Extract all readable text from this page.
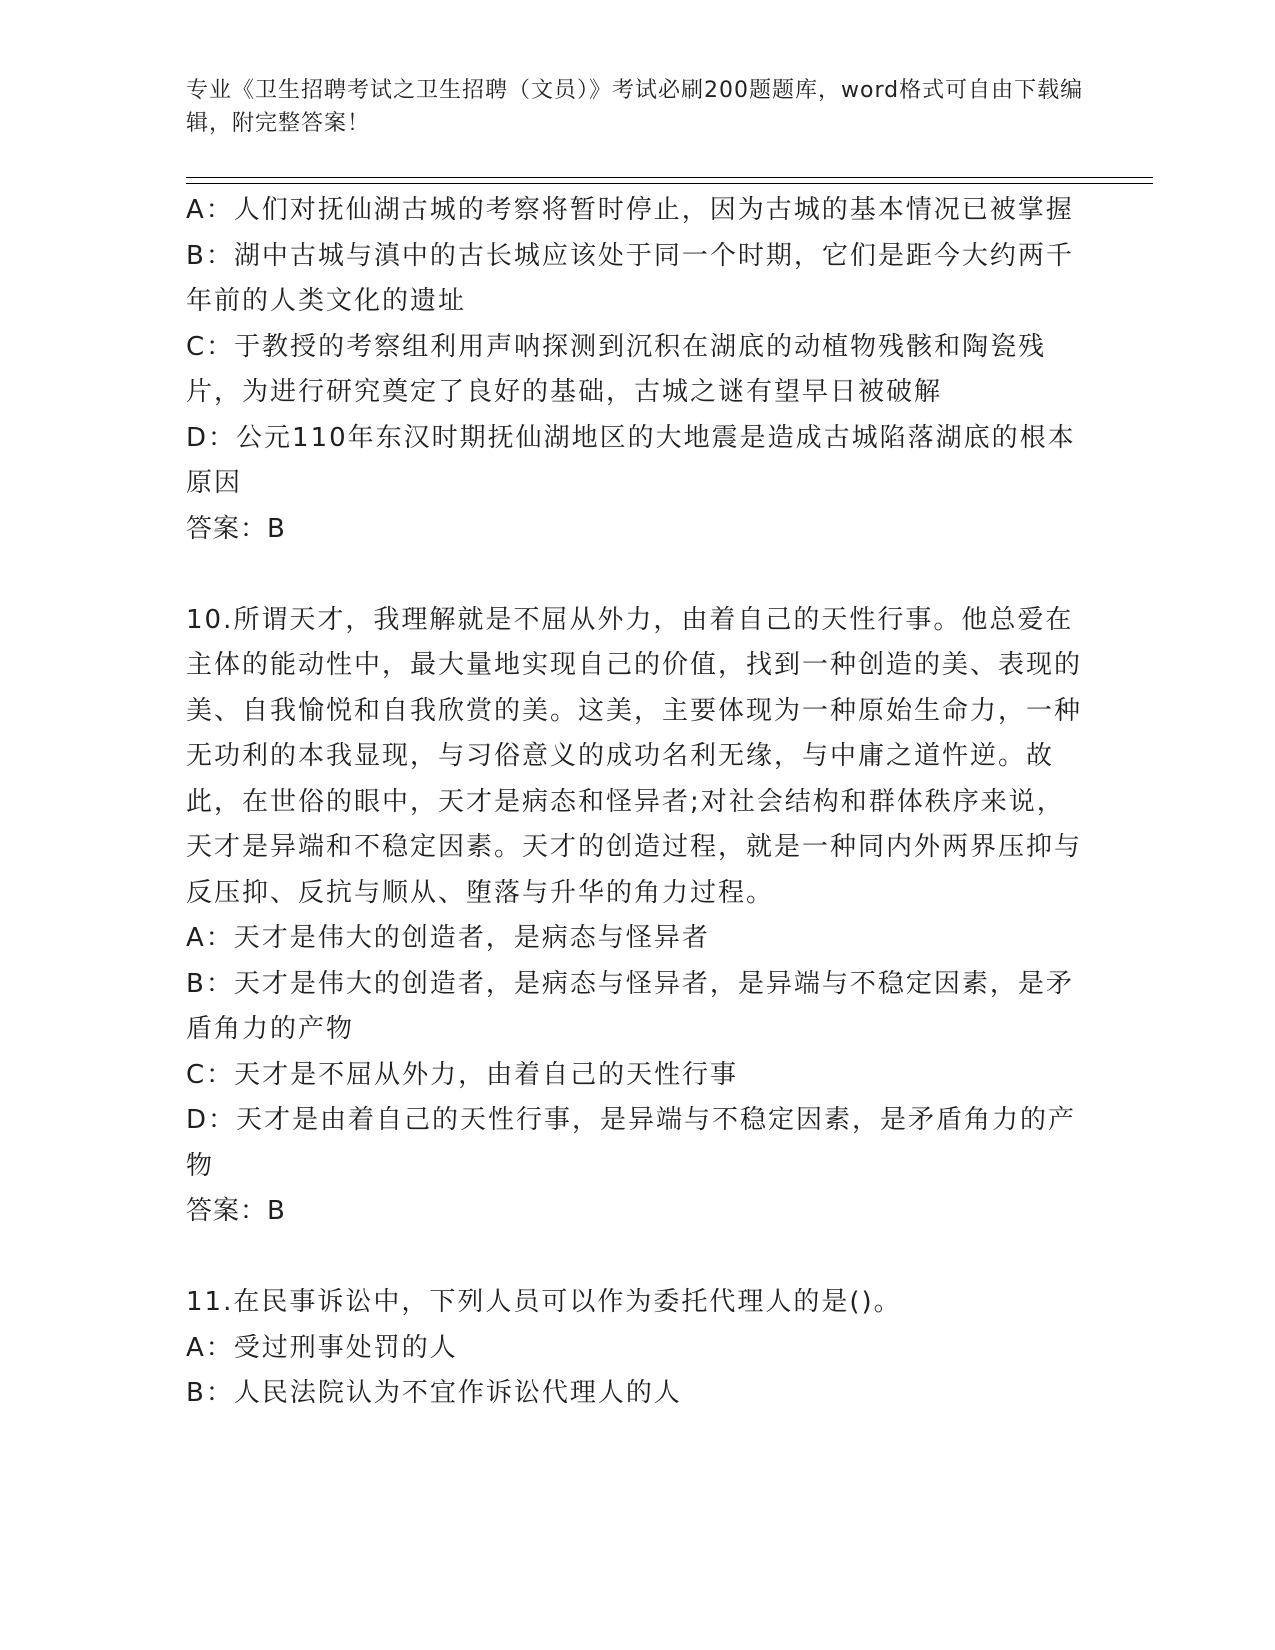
专业《卫生招聘考试之卫生招聘（文员）》考试必刷200题题库，word格式可自由下载编辑，附完整答案！

A：人们对抚仙湖古城的考察将暂时停止，因为古城的基本情况已被掌握

B：湖中古城与滇中的古长城应该处于同一个时期，它们是距今大约两千年前的人类文化的遗址

C：于教授的考察组利用声呐探测到沉积在湖底的动植物残骸和陶瓷残片，为进行研究奠定了良好的基础，古城之谜有望早日被破解

D：公元110年东汉时期抚仙湖地区的大地震是造成古城陷落湖底的根本原因

答案：B

10.所谓天才，我理解就是不屈从外力，由着自己的天性行事。他总爱在主体的能动性中，最大量地实现自己的价值，找到一种创造的美、表现的美、自我愉悦和自我欣赏的美。这美，主要体现为一种原始生命力，一种无功利的本我显现，与习俗意义的成功名利无缘，与中庸之道忤逆。故此，在世俗的眼中，天才是病态和怪异者;对社会结构和群体秩序来说，天才是异端和不稳定因素。天才的创造过程，就是一种同内外两界压抑与反压抑、反抗与顺从、堕落与升华的角力过程。

A：天才是伟大的创造者，是病态与怪异者

B：天才是伟大的创造者，是病态与怪异者，是异端与不稳定因素，是矛盾角力的产物

C：天才是不屈从外力，由着自己的天性行事

D：天才是由着自己的天性行事，是异端与不稳定因素，是矛盾角力的产物

答案：B

11.在民事诉讼中，下列人员可以作为委托代理人的是()。

A：受过刑事处罚的人

B：人民法院认为不宜作诉讼代理人的人
